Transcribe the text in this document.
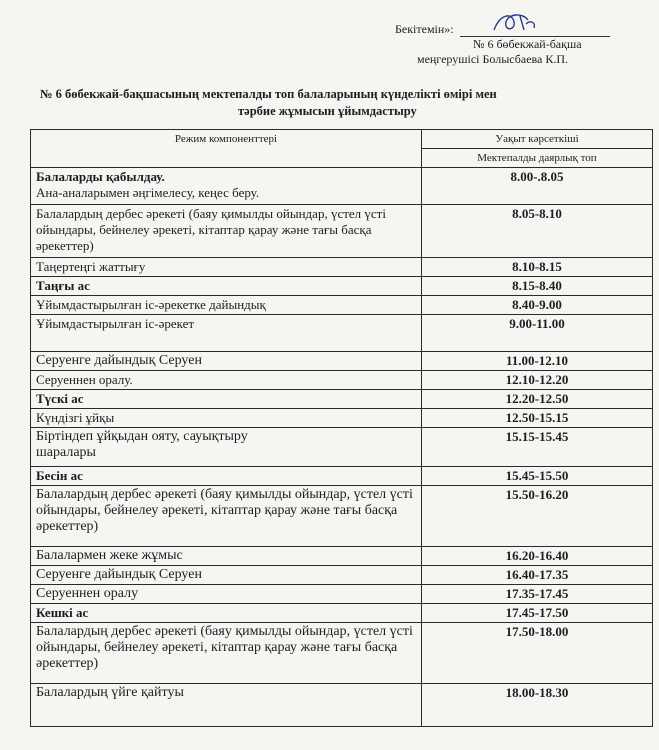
Бекітемін»:
№ 6 бөбекжай-бақша
меңгерушісі Болысбаева К.П.
№ 6 бөбекжай-бақшасының мектепалды топ балаларының күнделікті өмірі мен
тәрбие жұмысын ұйымдастыру
Режим компоненттері	Уақыт кәрсеткіші
	Мектепалды даярлық топ

Балаларды қабылдау.
Ана-аналарымен әңгімелесу, кеңес беру.	8.00-.8.05
Балалардың дербес әрекеті (баяу қимылды ойындар, үстел үсті ойындары, бейнелеу әрекеті, кітаптар қарау және тағы басқа әрекеттер)	8.05-8.10
Таңертеңгі жаттығу	8.10-8.15
Таңғы ас	8.15-8.40
Ұйымдастырылған іс-әрекетке дайындық	8.40-9.00
Ұйымдастырылған іс-әрекет	9.00-11.00
Серуенге дайындық Серуен	11.00-12.10
Серуеннен оралу.	12.10-12.20
Түскі ас	12.20-12.50
Күндізгі ұйқы	12.50-15.15
Біртіндеп ұйқыдан ояту, сауықтыру шаралары	15.15-15.45
Бесін ас	15.45-15.50
Балалардың дербес әрекеті (баяу қимылды ойындар, үстел үсті ойындары, бейнелеу әрекеті, кітаптар қарау және тағы басқа әрекеттер)	15.50-16.20
Балалармен жеке жұмыс	16.20-16.40
Серуенге дайындық Серуен	16.40-17.35
Серуеннен оралу	17.35-17.45
Кешкі ас	17.45-17.50
Балалардың дербес әрекеті (баяу қимылды ойындар, үстел үсті ойындары, бейнелеу әрекеті, кітаптар қарау және тағы басқа әрекеттер)	17.50-18.00
Балалардың үйге қайтуы	18.00-18.30
